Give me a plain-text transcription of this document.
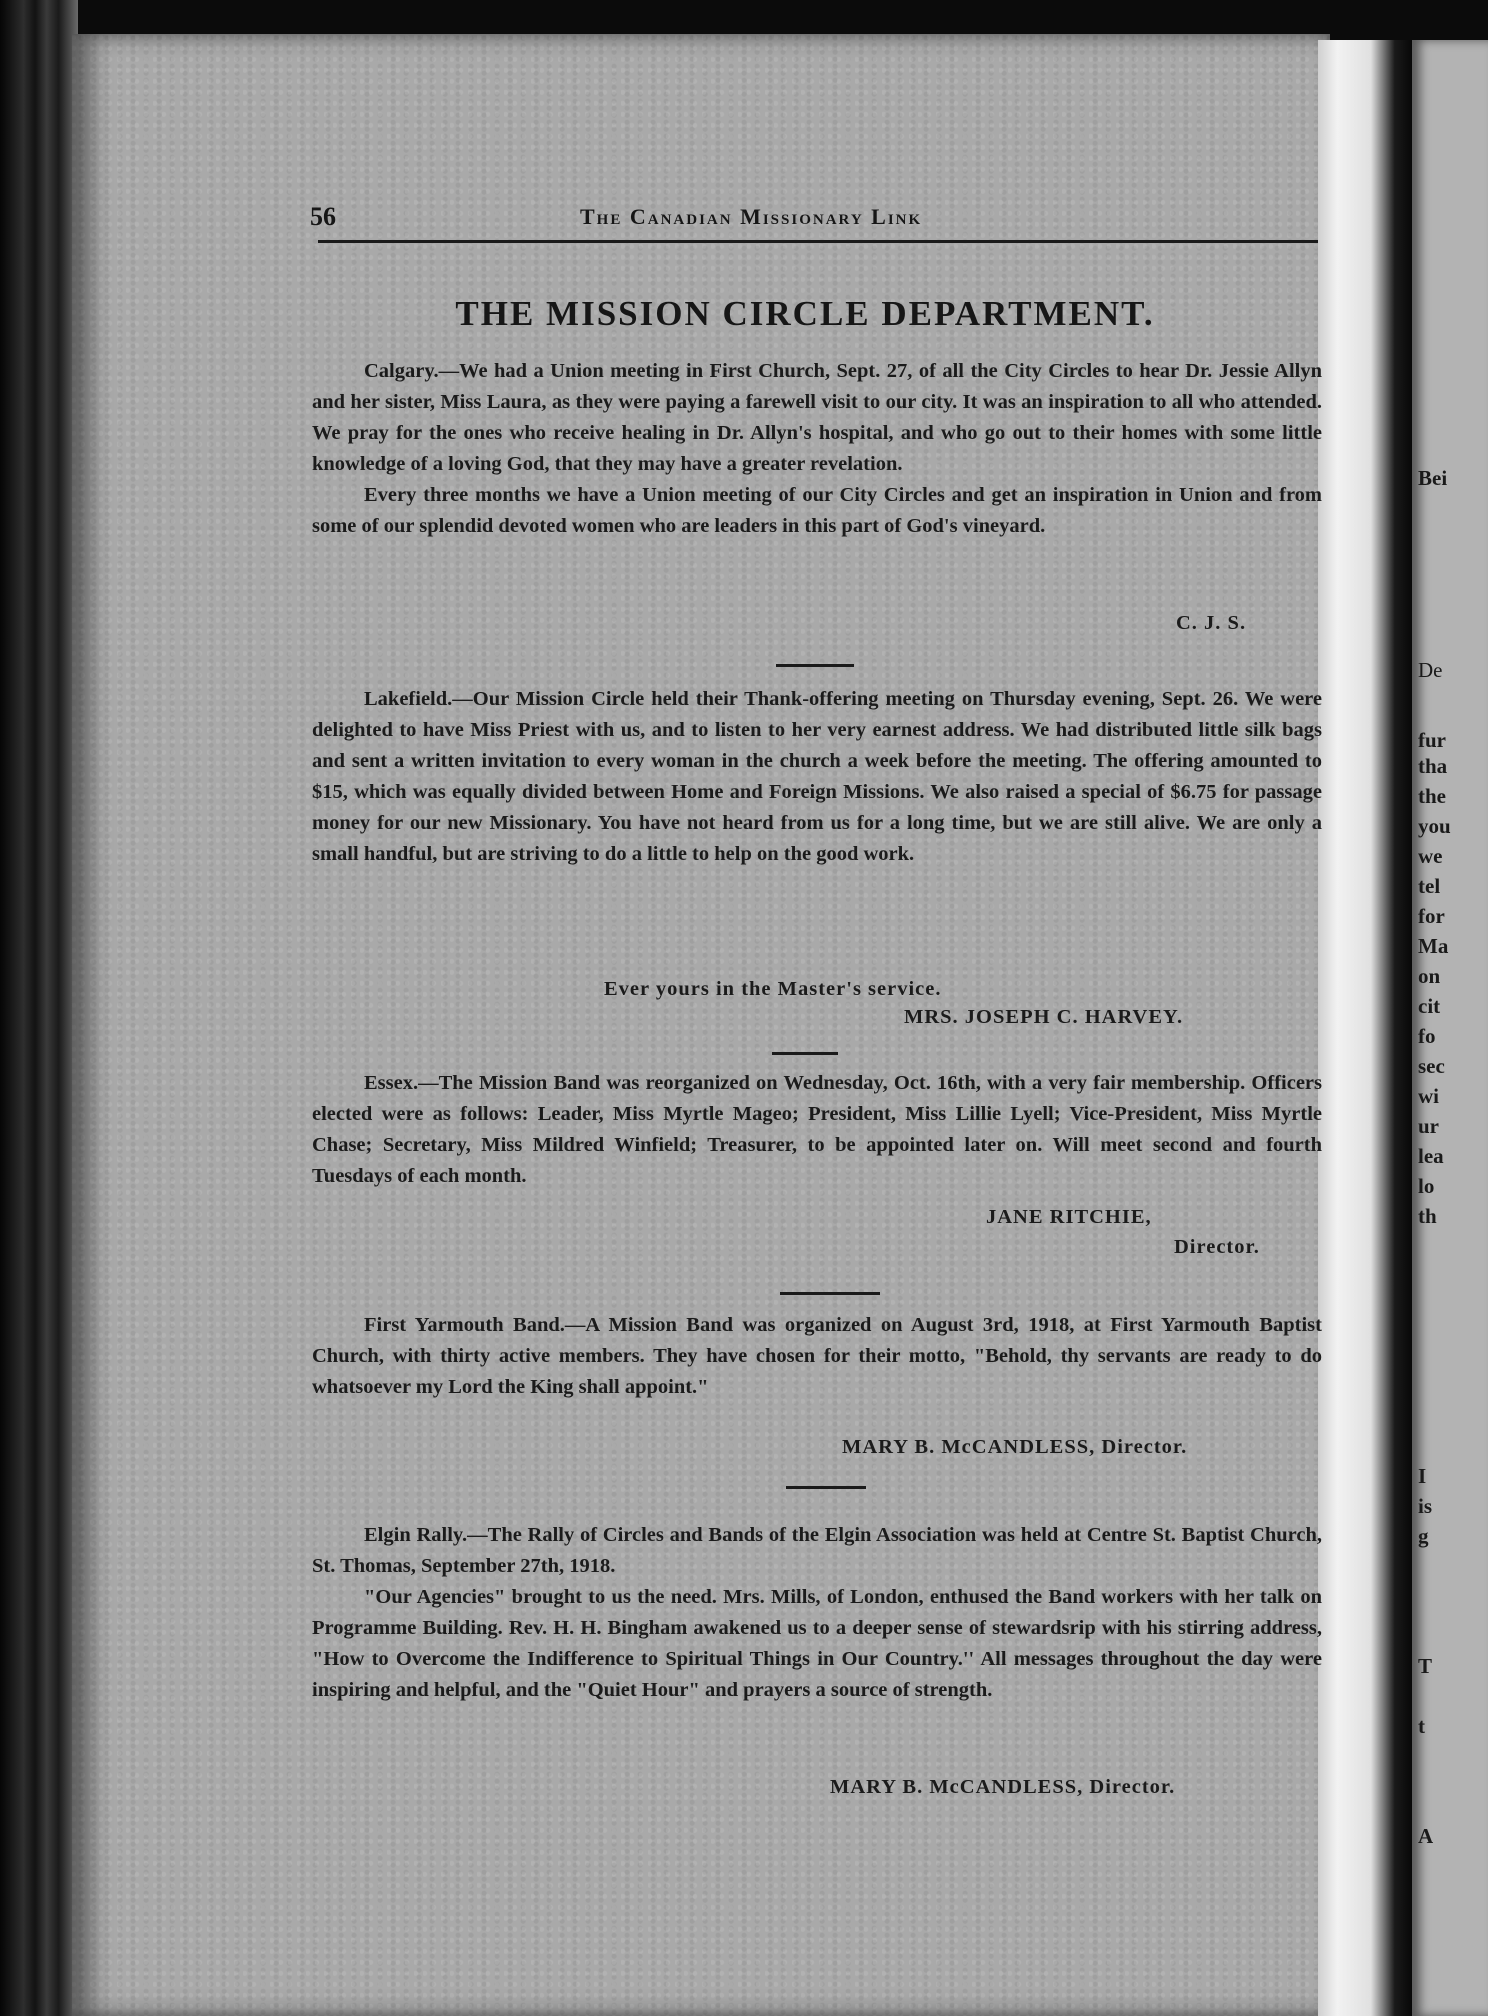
Bei
De
fur
tha
the
you
we
tel
for
Ma
on
cit
fo
sec
wi
ur
lea
lo
th
I
is
g
T
t
A
56	The Canadian Missionary Link
THE MISSION CIRCLE DEPARTMENT.

Calgary.—We had a Union meeting in First Church, Sept. 27, of all the City Circles to hear Dr. Jessie Allyn and her sister, Miss Laura, as they were paying a farewell visit to our city. It was an inspiration to all who attended. We pray for the ones who receive healing in Dr. Allyn's hospital, and who go out to their homes with some little knowledge of a loving God, that they may have a greater revelation.

Every three months we have a Union meeting of our City Circles and get an inspiration in Union and from some of our splendid devoted women who are leaders in this part of God's vineyard.

C. J. S.

Lakefield.—Our Mission Circle held their Thank-offering meeting on Thursday evening, Sept. 26. We were delighted to have Miss Priest with us, and to listen to her very earnest address. We had distributed little silk bags and sent a written invitation to every woman in the church a week before the meeting. The offering amounted to $15, which was equally divided between Home and Foreign Missions. We also raised a special of $6.75 for passage money for our new Missionary. You have not heard from us for a long time, but we are still alive. We are only a small handful, but are striving to do a little to help on the good work.

Ever yours in the Master's service.
MRS. JOSEPH C. HARVEY.

Essex.—The Mission Band was reorganized on Wednesday, Oct. 16th, with a very fair membership. Officers elected were as follows: Leader, Miss Myrtle Mageo; President, Miss Lillie Lyell; Vice-President, Miss Myrtle Chase; Secretary, Miss Mildred Winfield; Treasurer, to be appointed later on. Will meet second and fourth Tuesdays of each month.

JANE RITCHIE,
Director.

First Yarmouth Band.—A Mission Band was organized on August 3rd, 1918, at First Yarmouth Baptist Church, with thirty active members. They have chosen for their motto, "Behold, thy servants are ready to do whatsoever my Lord the King shall appoint."

MARY B. McCANDLESS, Director.

Elgin Rally.—The Rally of Circles and Bands of the Elgin Association was held at Centre St. Baptist Church, St. Thomas, September 27th, 1918.

"Our Agencies" brought to us the need. Mrs. Mills, of London, enthused the Band workers with her talk on Programme Building. Rev. H. H. Bingham awakened us to a deeper sense of stewardsrip with his stirring address, "How to Overcome the Indifference to Spiritual Things in Our Country.'' All messages throughout the day were inspiring and helpful, and the "Quiet Hour" and prayers a source of strength.

MARY B. McCANDLESS, Director.
